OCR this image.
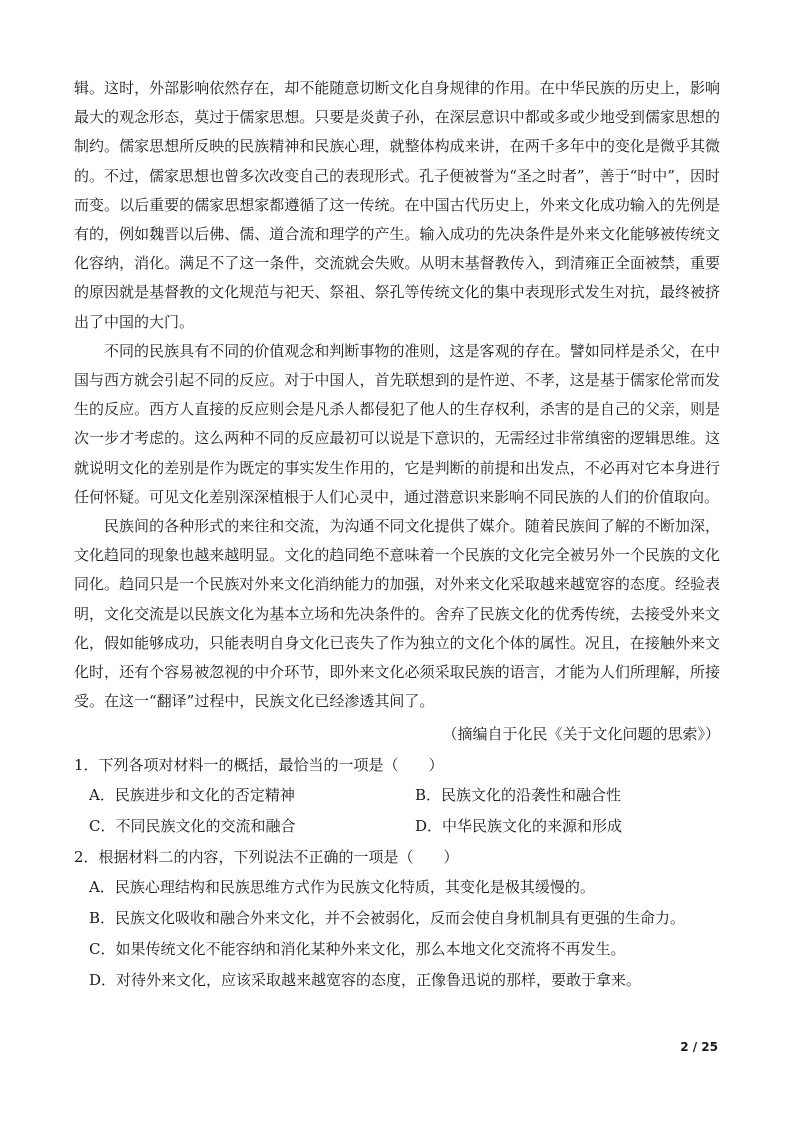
辑。这时，外部影响依然存在，却不能随意切断文化自身规律的作用。在中华民族的历史上，影响最大的观念形态，莫过于儒家思想。只要是炎黄子孙，在深层意识中都或多或少地受到儒家思想的制约。儒家思想所反映的民族精神和民族心理，就整体构成来讲，在两千多年中的变化是微乎其微的。不过，儒家思想也曾多次改变自己的表现形式。孔子便被誉为“圣之时者”，善于“时中”，因时而变。以后重要的儒家思想家都遵循了这一传统。在中国古代历史上，外来文化成功输入的先例是有的，例如魏晋以后佛、儒、道合流和理学的产生。输入成功的先决条件是外来文化能够被传统文化容纳，消化。满足不了这一条件，交流就会失败。从明末基督教传入，到清雍正全面被禁，重要的原因就是基督教的文化规范与祀天、祭祖、祭孔等传统文化的集中表现形式发生对抗，最终被挤出了中国的大门。

不同的民族具有不同的价值观念和判断事物的准则，这是客观的存在。譬如同样是杀父，在中国与西方就会引起不同的反应。对于中国人，首先联想到的是忤逆、不孝，这是基于儒家伦常而发生的反应。西方人直接的反应则会是凡杀人都侵犯了他人的生存权利，杀害的是自己的父亲，则是次一步才考虑的。这么两种不同的反应最初可以说是下意识的，无需经过非常缜密的逻辑思维。这就说明文化的差别是作为既定的事实发生作用的，它是判断的前提和出发点，不必再对它本身进行任何怀疑。可见文化差别深深植根于人们心灵中，通过潜意识来影响不同民族的人们的价值取向。

民族间的各种形式的来往和交流，为沟通不同文化提供了媒介。随着民族间了解的不断加深，文化趋同的现象也越来越明显。文化的趋同绝不意味着一个民族的文化完全被另外一个民族的文化同化。趋同只是一个民族对外来文化消纳能力的加强，对外来文化采取越来越宽容的态度。经验表明，文化交流是以民族文化为基本立场和先决条件的。舍弃了民族文化的优秀传统，去接受外来文化，假如能够成功，只能表明自身文化已丧失了作为独立的文化个体的属性。况且，在接触外来文化时，还有个容易被忽视的中介环节，即外来文化必须采取民族的语言，才能为人们所理解，所接受。在这一“翻译”过程中，民族文化已经渗透其间了。

（摘编自于化民《关于文化问题的思索》）

1．下列各项对材料一的概括，最恰当的一项是（　　）

A．民族进步和文化的否定精神	B．民族文化的沿袭性和融合性
C．不同民族文化的交流和融合	D．中华民族文化的来源和形成

2．根据材料二的内容，下列说法不正确的一项是（　　）

A．民族心理结构和民族思维方式作为民族文化特质，其变化是极其缓慢的。
B．民族文化吸收和融合外来文化，并不会被弱化，反而会使自身机制具有更强的生命力。
C．如果传统文化不能容纳和消化某种外来文化，那么本地文化交流将不再发生。
D．对待外来文化，应该采取越来越宽容的态度，正像鲁迅说的那样，要敢于拿来。
2 / 25
